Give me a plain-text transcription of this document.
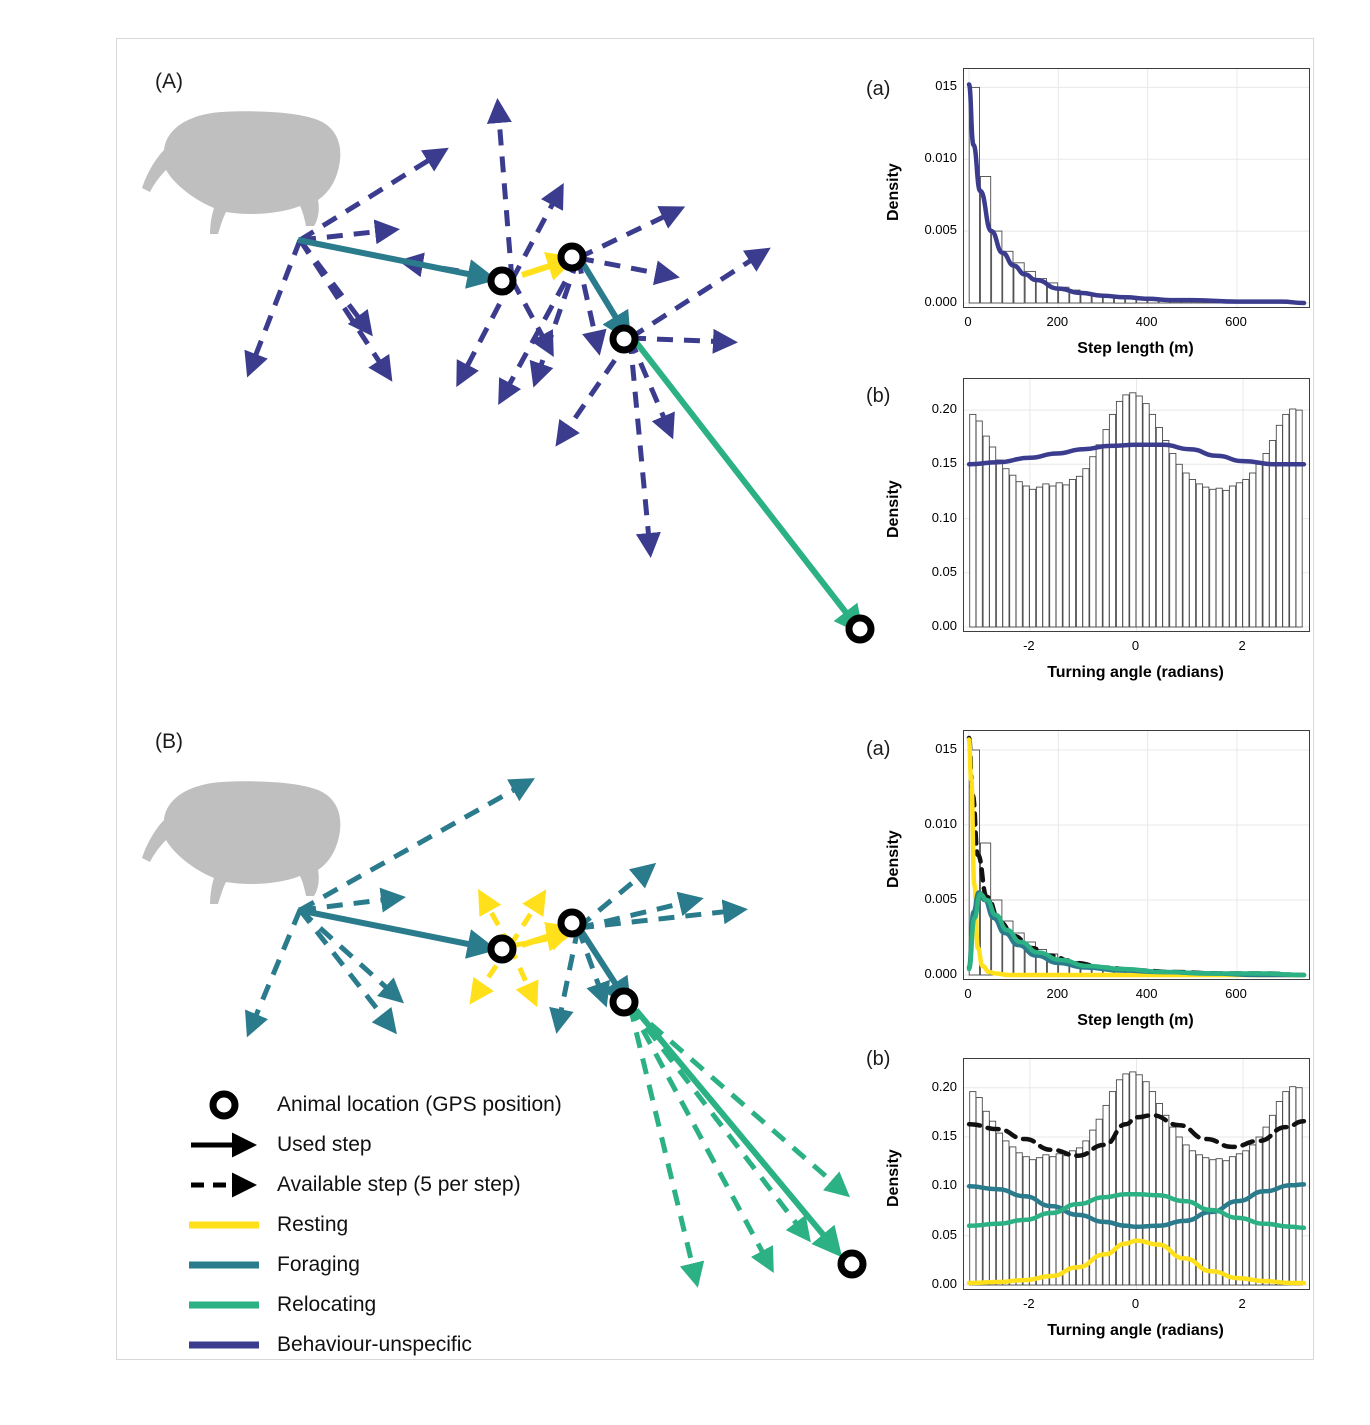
(A)
(B)
Animal location (GPS position)
Used step
Available step (5 per step)
Resting
Foraging
Relocating
Behaviour-unspecific
(a)
(b)
(a)
(b)
0.000
0.005
0.010
015
0	200	400	600
Step length (m)
Density
0.00
0.05
0.10
0.15
0.20
-2	0	2
Turning angle (radians)
Density
0.000
0.005
0.010
015
0	200	400	600
Step length (m)
Density
0.00
0.05
0.10
0.15
0.20
-2	0	2
Turning angle (radians)
Density
